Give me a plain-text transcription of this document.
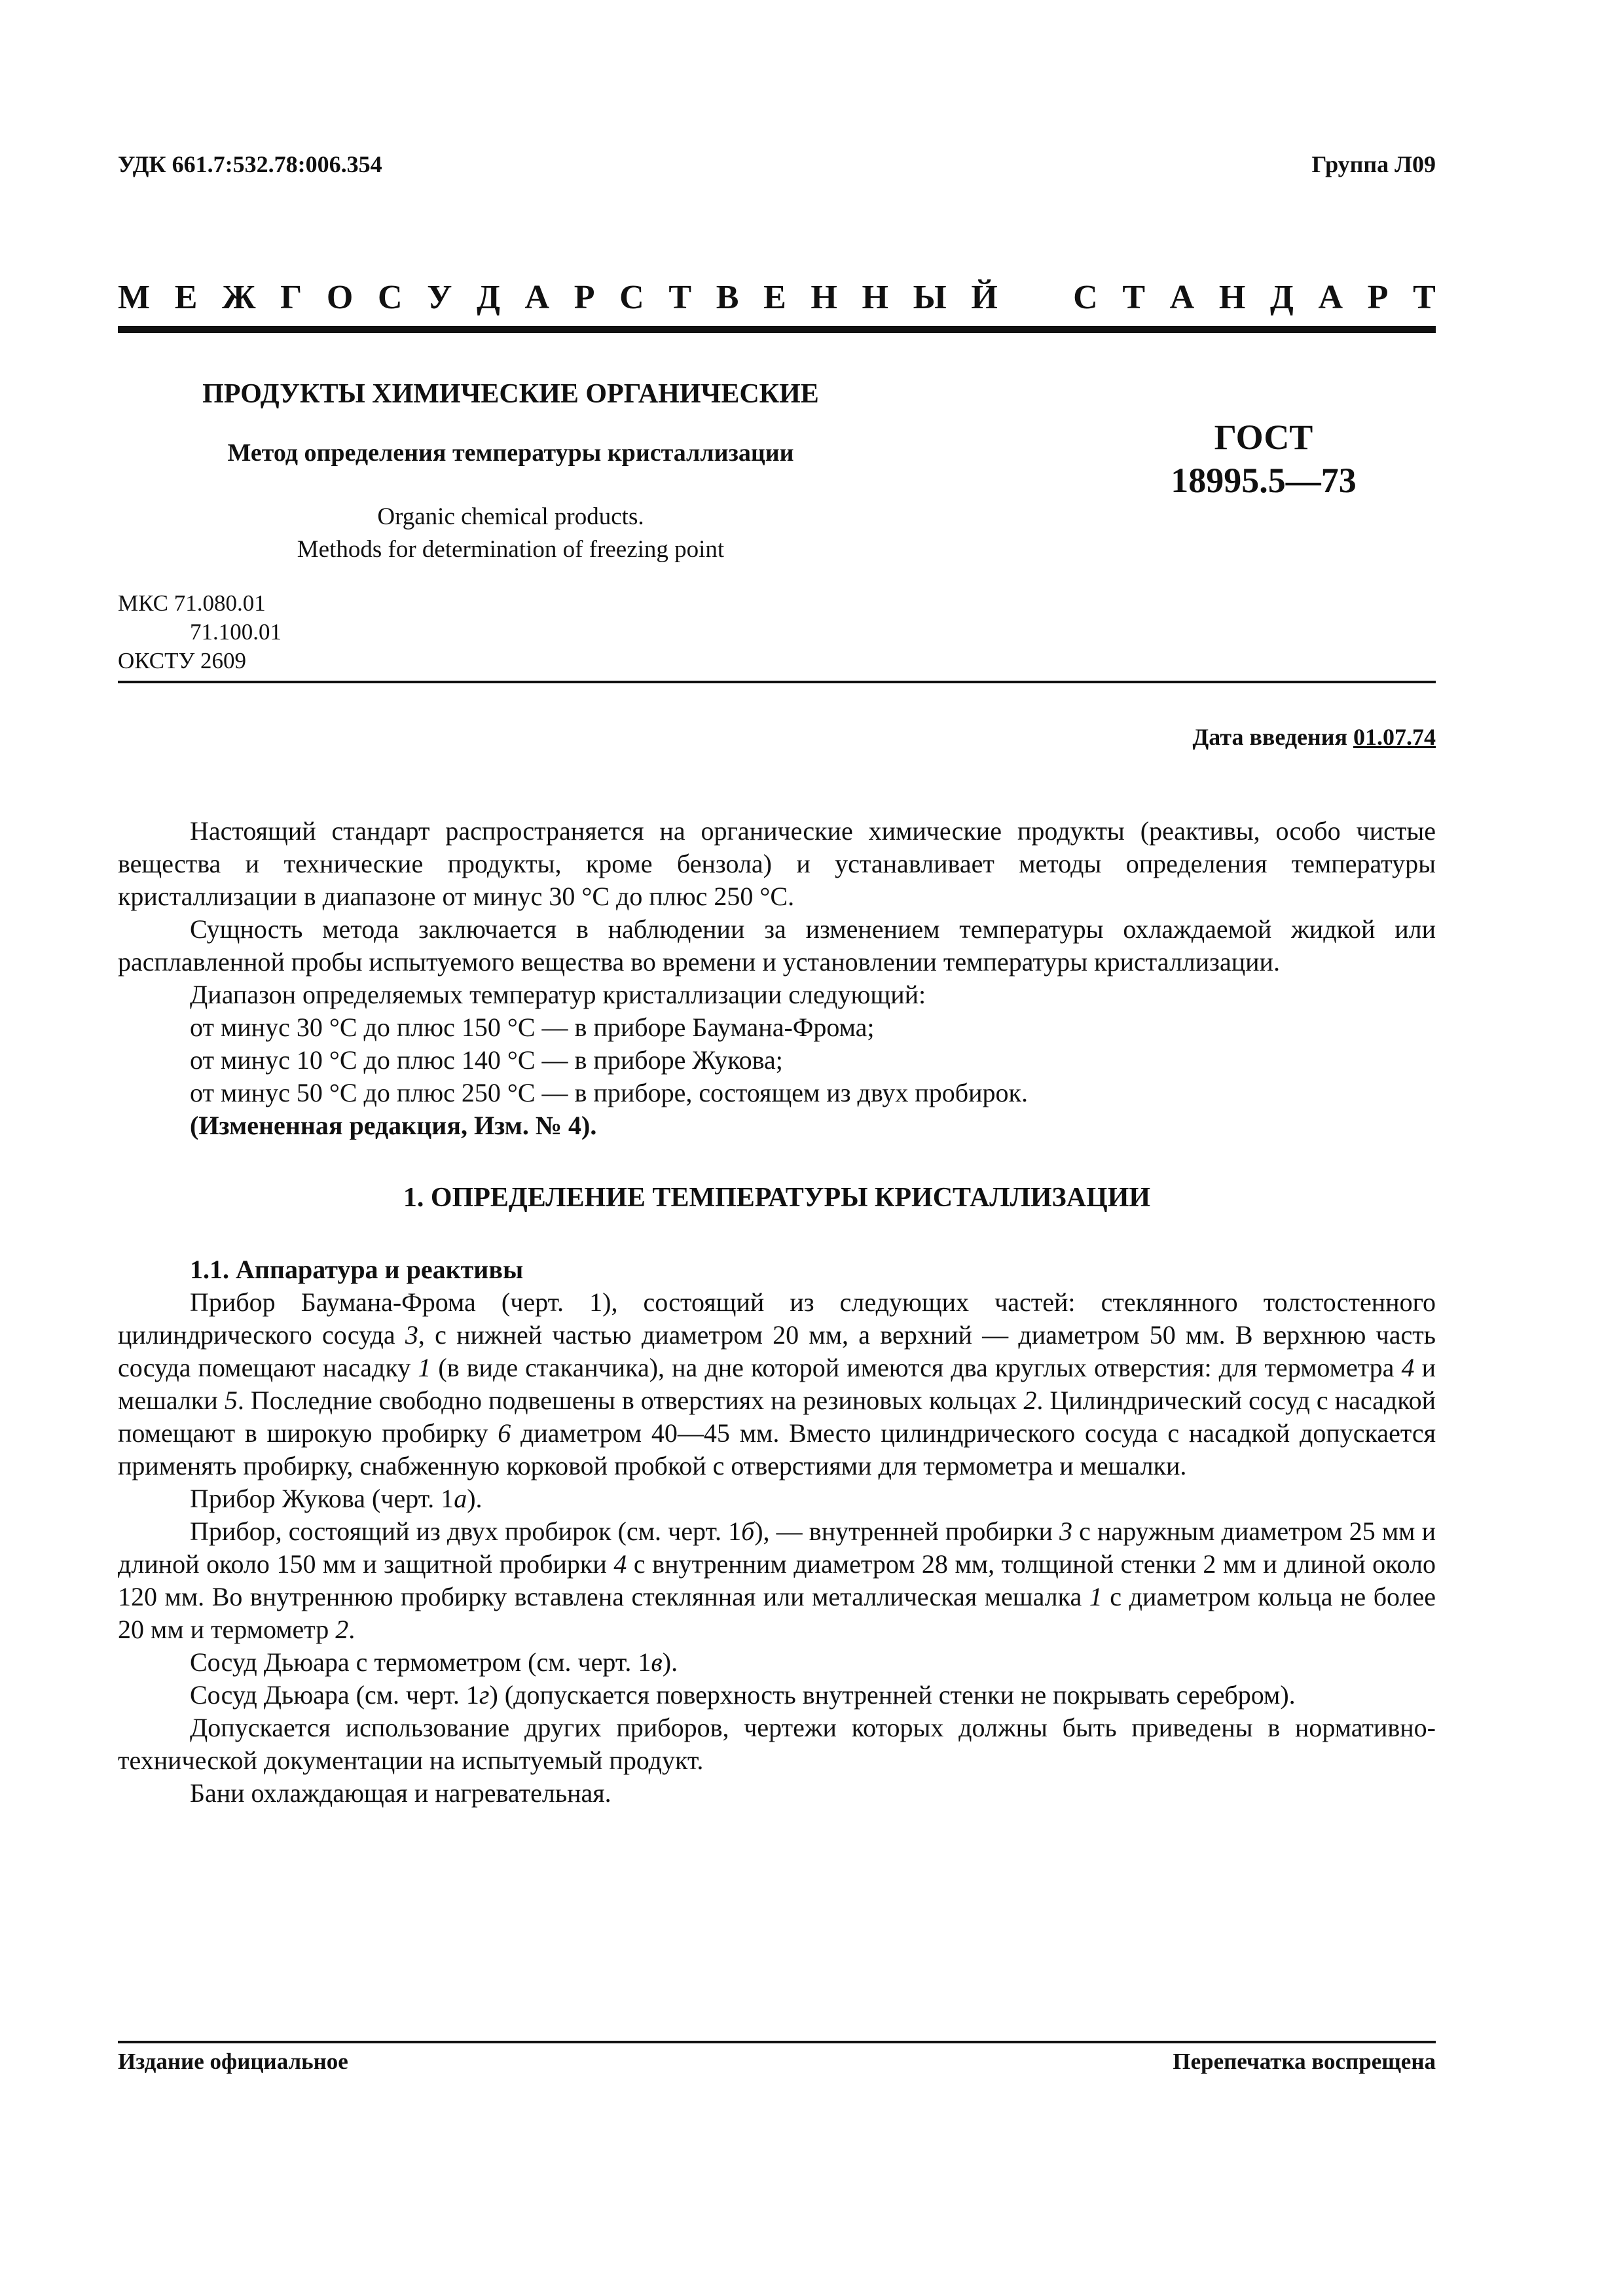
УДК 661.7:532.78:006.354	Группа Л09
М Е Ж Г О С У Д А Р С Т В Е Н Н Ы Й С Т А Н Д А Р Т
ПРОДУКТЫ ХИМИЧЕСКИЕ ОРГАНИЧЕСКИЕ
Метод определения температуры кристаллизации
Organic chemical products.
Methods for determination of freezing point
ГОСТ
18995.5—73
МКС 71.080.01
71.100.01
ОКСТУ 2609
Дата введения 01.07.74

Настоящий стандарт распространяется на органические химические продукты (реактивы, особо чистые вещества и технические продукты, кроме бензола) и устанавливает методы определения температуры кристаллизации в диапазоне от минус 30 °С до плюс 250 °С.

Сущность метода заключается в наблюдении за изменением температуры охлаждаемой жидкой или расплавленной пробы испытуемого вещества во времени и установлении температуры кристаллизации.

Диапазон определяемых температур кристаллизации следующий:

от минус 30 °С до плюс 150 °С — в приборе Баумана-Фрома;

от минус 10 °С до плюс 140 °С — в приборе Жукова;

от минус 50 °С до плюс 250 °С — в приборе, состоящем из двух пробирок.

(Измененная редакция, Изм. № 4).

1. ОПРЕДЕЛЕНИЕ ТЕМПЕРАТУРЫ КРИСТАЛЛИЗАЦИИ

1.1. Аппаратура и реактивы

Прибор Баумана-Фрома (черт. 1), состоящий из следующих частей: стеклянного толстостенного цилиндрического сосуда 3, с нижней частью диаметром 20 мм, а верхний — диаметром 50 мм. В верхнюю часть сосуда помещают насадку 1 (в виде стаканчика), на дне которой имеются два круглых отверстия: для термометра 4 и мешалки 5. Последние свободно подвешены в отверстиях на резиновых кольцах 2. Цилиндрический сосуд с насадкой помещают в широкую пробирку 6 диаметром 40—45 мм. Вместо цилиндрического сосуда с насадкой допускается применять пробирку, снабженную корковой пробкой с отверстиями для термометра и мешалки.

Прибор Жукова (черт. 1а).

Прибор, состоящий из двух пробирок (см. черт. 1б), — внутренней пробирки 3 с наружным диаметром 25 мм и длиной около 150 мм и защитной пробирки 4 с внутренним диаметром 28 мм, толщиной стенки 2 мм и длиной около 120 мм. Во внутреннюю пробирку вставлена стеклянная или металлическая мешалка 1 с диаметром кольца не более 20 мм и термометр 2.

Сосуд Дьюара с термометром (см. черт. 1в).

Сосуд Дьюара (см. черт. 1г) (допускается поверхность внутренней стенки не покрывать серебром).

Допускается использование других приборов, чертежи которых должны быть приведены в нормативно-технической документации на испытуемый продукт.

Бани охлаждающая и нагревательная.

Издание официальное	Перепечатка воспрещена
